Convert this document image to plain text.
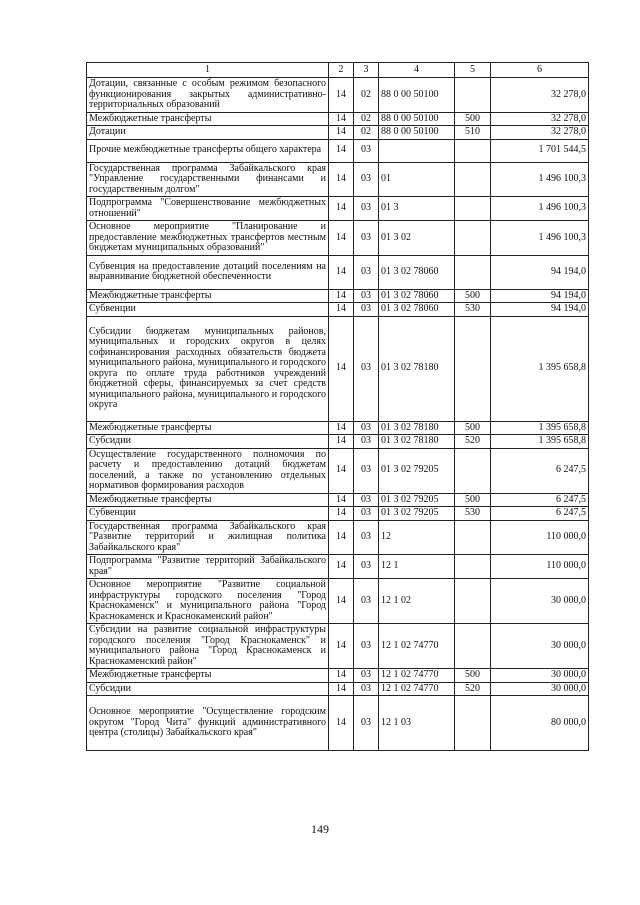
1	2	3	4	5	6
Дотации, связанные с особым режимом безопасного функционирования закрытых административно-территориальных образований	14	02	88 0 00 50100		32 278,0
Межбюджетные трансферты	14	02	88 0 00 50100	500	32 278,0
Дотации	14	02	88 0 00 50100	510	32 278,0
Прочие межбюджетные трансферты общего характера	14	03			1 701 544,5
Государственная программа Забайкальского края "Управление государственными финансами и государственным долгом"	14	03	01		1 496 100,3
Подпрограмма "Совершенствование межбюджетных отношений"	14	03	01 3		1 496 100,3
Основное мероприятие "Планирование и предоставление межбюджетных трансфертов местным бюджетам муниципальных образований"	14	03	01 3 02		1 496 100,3
Субвенция на предоставление дотаций поселениям на выравнивание бюджетной обеспеченности	14	03	01 3 02 78060		94 194,0
Межбюджетные трансферты	14	03	01 3 02 78060	500	94 194,0
Субвенции	14	03	01 3 02 78060	530	94 194,0
Субсидии бюджетам муниципальных районов, муниципальных и городских округов в целях софинансирования расходных обязательств бюджета муниципального района, муниципального и городского округа по оплате труда работников учреждений бюджетной сферы, финансируемых за счет средств муниципального района, муниципального и городского округа	14	03	01 3 02 78180		1 395 658,8
Межбюджетные трансферты	14	03	01 3 02 78180	500	1 395 658,8
Субсидии	14	03	01 3 02 78180	520	1 395 658,8
Осуществление государственного полномочия по расчету и предоставлению дотаций бюджетам поселений, а также по установлению отдельных нормативов формирования расходов	14	03	01 3 02 79205		6 247,5
Межбюджетные трансферты	14	03	01 3 02 79205	500	6 247,5
Субвенции	14	03	01 3 02 79205	530	6 247,5
Государственная программа Забайкальского края "Развитие территорий и жилищная политика Забайкальского края"	14	03	12		110 000,0
Подпрограмма "Развитие территорий Забайкальского края"	14	03	12 1		110 000,0
Основное мероприятие "Развитие социальной инфраструктуры городского поселения "Город Краснокаменск" и муниципального района "Город Краснокаменск и Краснокаменский район"	14	03	12 1 02		30 000,0
Субсидии на развитие социальной инфраструктуры городского поселения "Город Краснокаменск" и муниципального района "Город Краснокаменск и Краснокаменский район"	14	03	12 1 02 74770		30 000,0
Межбюджетные трансферты	14	03	12 1 02 74770	500	30 000,0
Субсидии	14	03	12 1 02 74770	520	30 000,0
Основное мероприятие "Осуществление городским округом "Город Чита" функций административного центра (столицы) Забайкальского края"	14	03	12 1 03		80 000,0
149
